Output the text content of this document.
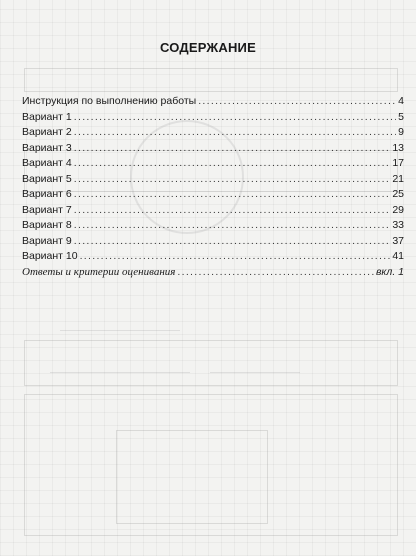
СОДЕРЖАНИЕ
Инструкция по выполнению работы .....	4
Вариант 1 .....	5
Вариант 2 .....	9
Вариант 3 .....	13
Вариант 4 .....	17
Вариант 5 .....	21
Вариант 6 .....	25
Вариант 7 .....	29
Вариант 8 .....	33
Вариант 9 .....	37
Вариант 10 .....	41
Ответы и критерии оценивания .....	вкл. 1
